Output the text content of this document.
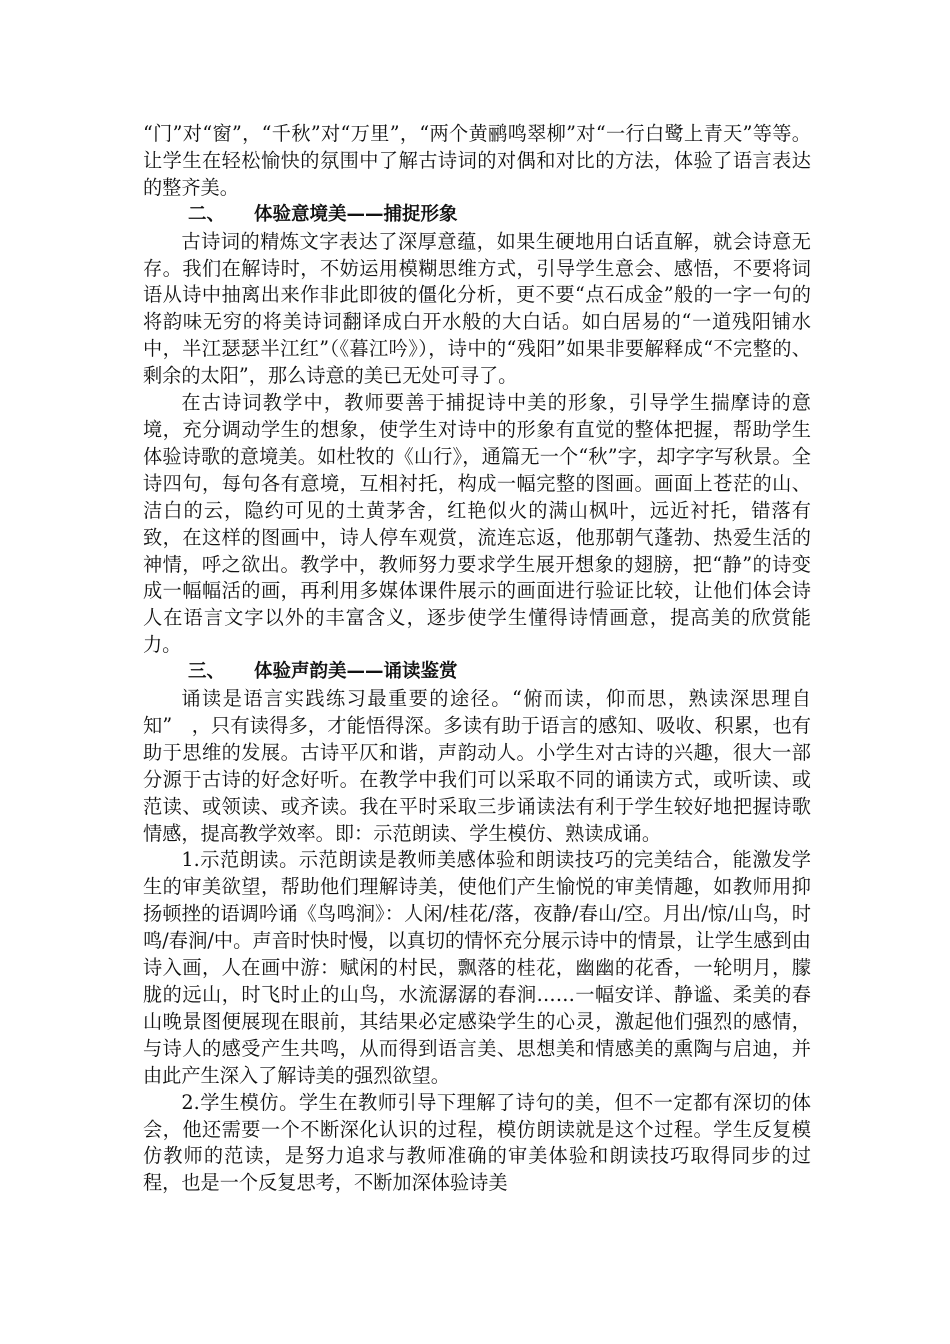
“门”对“窗”，“千秋”对“万里”，“两个黄鹂鸣翠柳”对“一行白鹭上青天”等等。让学生在轻松愉快的氛围中了解古诗词的对偶和对比的方法，体验了语言表达的整齐美。

二、 体验意境美——捕捉形象

古诗词的精炼文字表达了深厚意蕴，如果生硬地用白话直解，就会诗意无存。我们在解诗时，不妨运用模糊思维方式，引导学生意会、感悟，不要将词语从诗中抽离出来作非此即彼的僵化分析，更不要“点石成金”般的一字一句的将韵味无穷的将美诗词翻译成白开水般的大白话。如白居易的“一道残阳铺水中，半江瑟瑟半江红”（《暮江吟》），诗中的“残阳”如果非要解释成“不完整的、剩余的太阳”，那么诗意的美已无处可寻了。

在古诗词教学中，教师要善于捕捉诗中美的形象，引导学生揣摩诗的意境，充分调动学生的想象，使学生对诗中的形象有直觉的整体把握，帮助学生体验诗歌的意境美。如杜牧的《山行》，通篇无一个“秋”字，却字字写秋景。全诗四句，每句各有意境，互相衬托，构成一幅完整的图画。画面上苍茫的山、洁白的云，隐约可见的土黄茅舍，红艳似火的满山枫叶，远近衬托，错落有致，在这样的图画中，诗人停车观赏，流连忘返，他那朝气蓬勃、热爱生活的神情，呼之欲出。教学中，教师努力要求学生展开想象的翅膀，把“静”的诗变成一幅幅活的画，再利用多媒体课件展示的画面进行验证比较，让他们体会诗人在语言文字以外的丰富含义，逐步使学生懂得诗情画意，提高美的欣赏能力。

三、 体验声韵美——诵读鉴赏

诵读是语言实践练习最重要的途径。“俯而读，仰而思，熟读深思理自知”　，只有读得多，才能悟得深。多读有助于语言的感知、吸收、积累，也有助于思维的发展。古诗平仄和谐，声韵动人。小学生对古诗的兴趣，很大一部分源于古诗的好念好听。在教学中我们可以采取不同的诵读方式，或听读、或范读、或领读、或齐读。我在平时采取三步诵读法有利于学生较好地把握诗歌情感，提高教学效率。即：示范朗读、学生模仿、熟读成诵。

1.示范朗读。示范朗读是教师美感体验和朗读技巧的完美结合，能激发学生的审美欲望，帮助他们理解诗美，使他们产生愉悦的审美情趣，如教师用抑扬顿挫的语调吟诵《鸟鸣涧》：人闲/桂花/落，夜静/春山/空。月出/惊/山鸟，时鸣/春涧/中。声音时快时慢，以真切的情怀充分展示诗中的情景，让学生感到由诗入画，人在画中游：赋闲的村民，飘落的桂花，幽幽的花香，一轮明月，朦胧的远山，时飞时止的山鸟，水流潺潺的春涧……一幅安详、静谧、柔美的春山晚景图便展现在眼前，其结果必定感染学生的心灵，激起他们强烈的感情，与诗人的感受产生共鸣，从而得到语言美、思想美和情感美的熏陶与启迪，并由此产生深入了解诗美的强烈欲望。

2.学生模仿。学生在教师引导下理解了诗句的美，但不一定都有深切的体会，他还需要一个不断深化认识的过程，模仿朗读就是这个过程。学生反复模仿教师的范读，是努力追求与教师准确的审美体验和朗读技巧取得同步的过程，也是一个反复思考，不断加深体验诗美
